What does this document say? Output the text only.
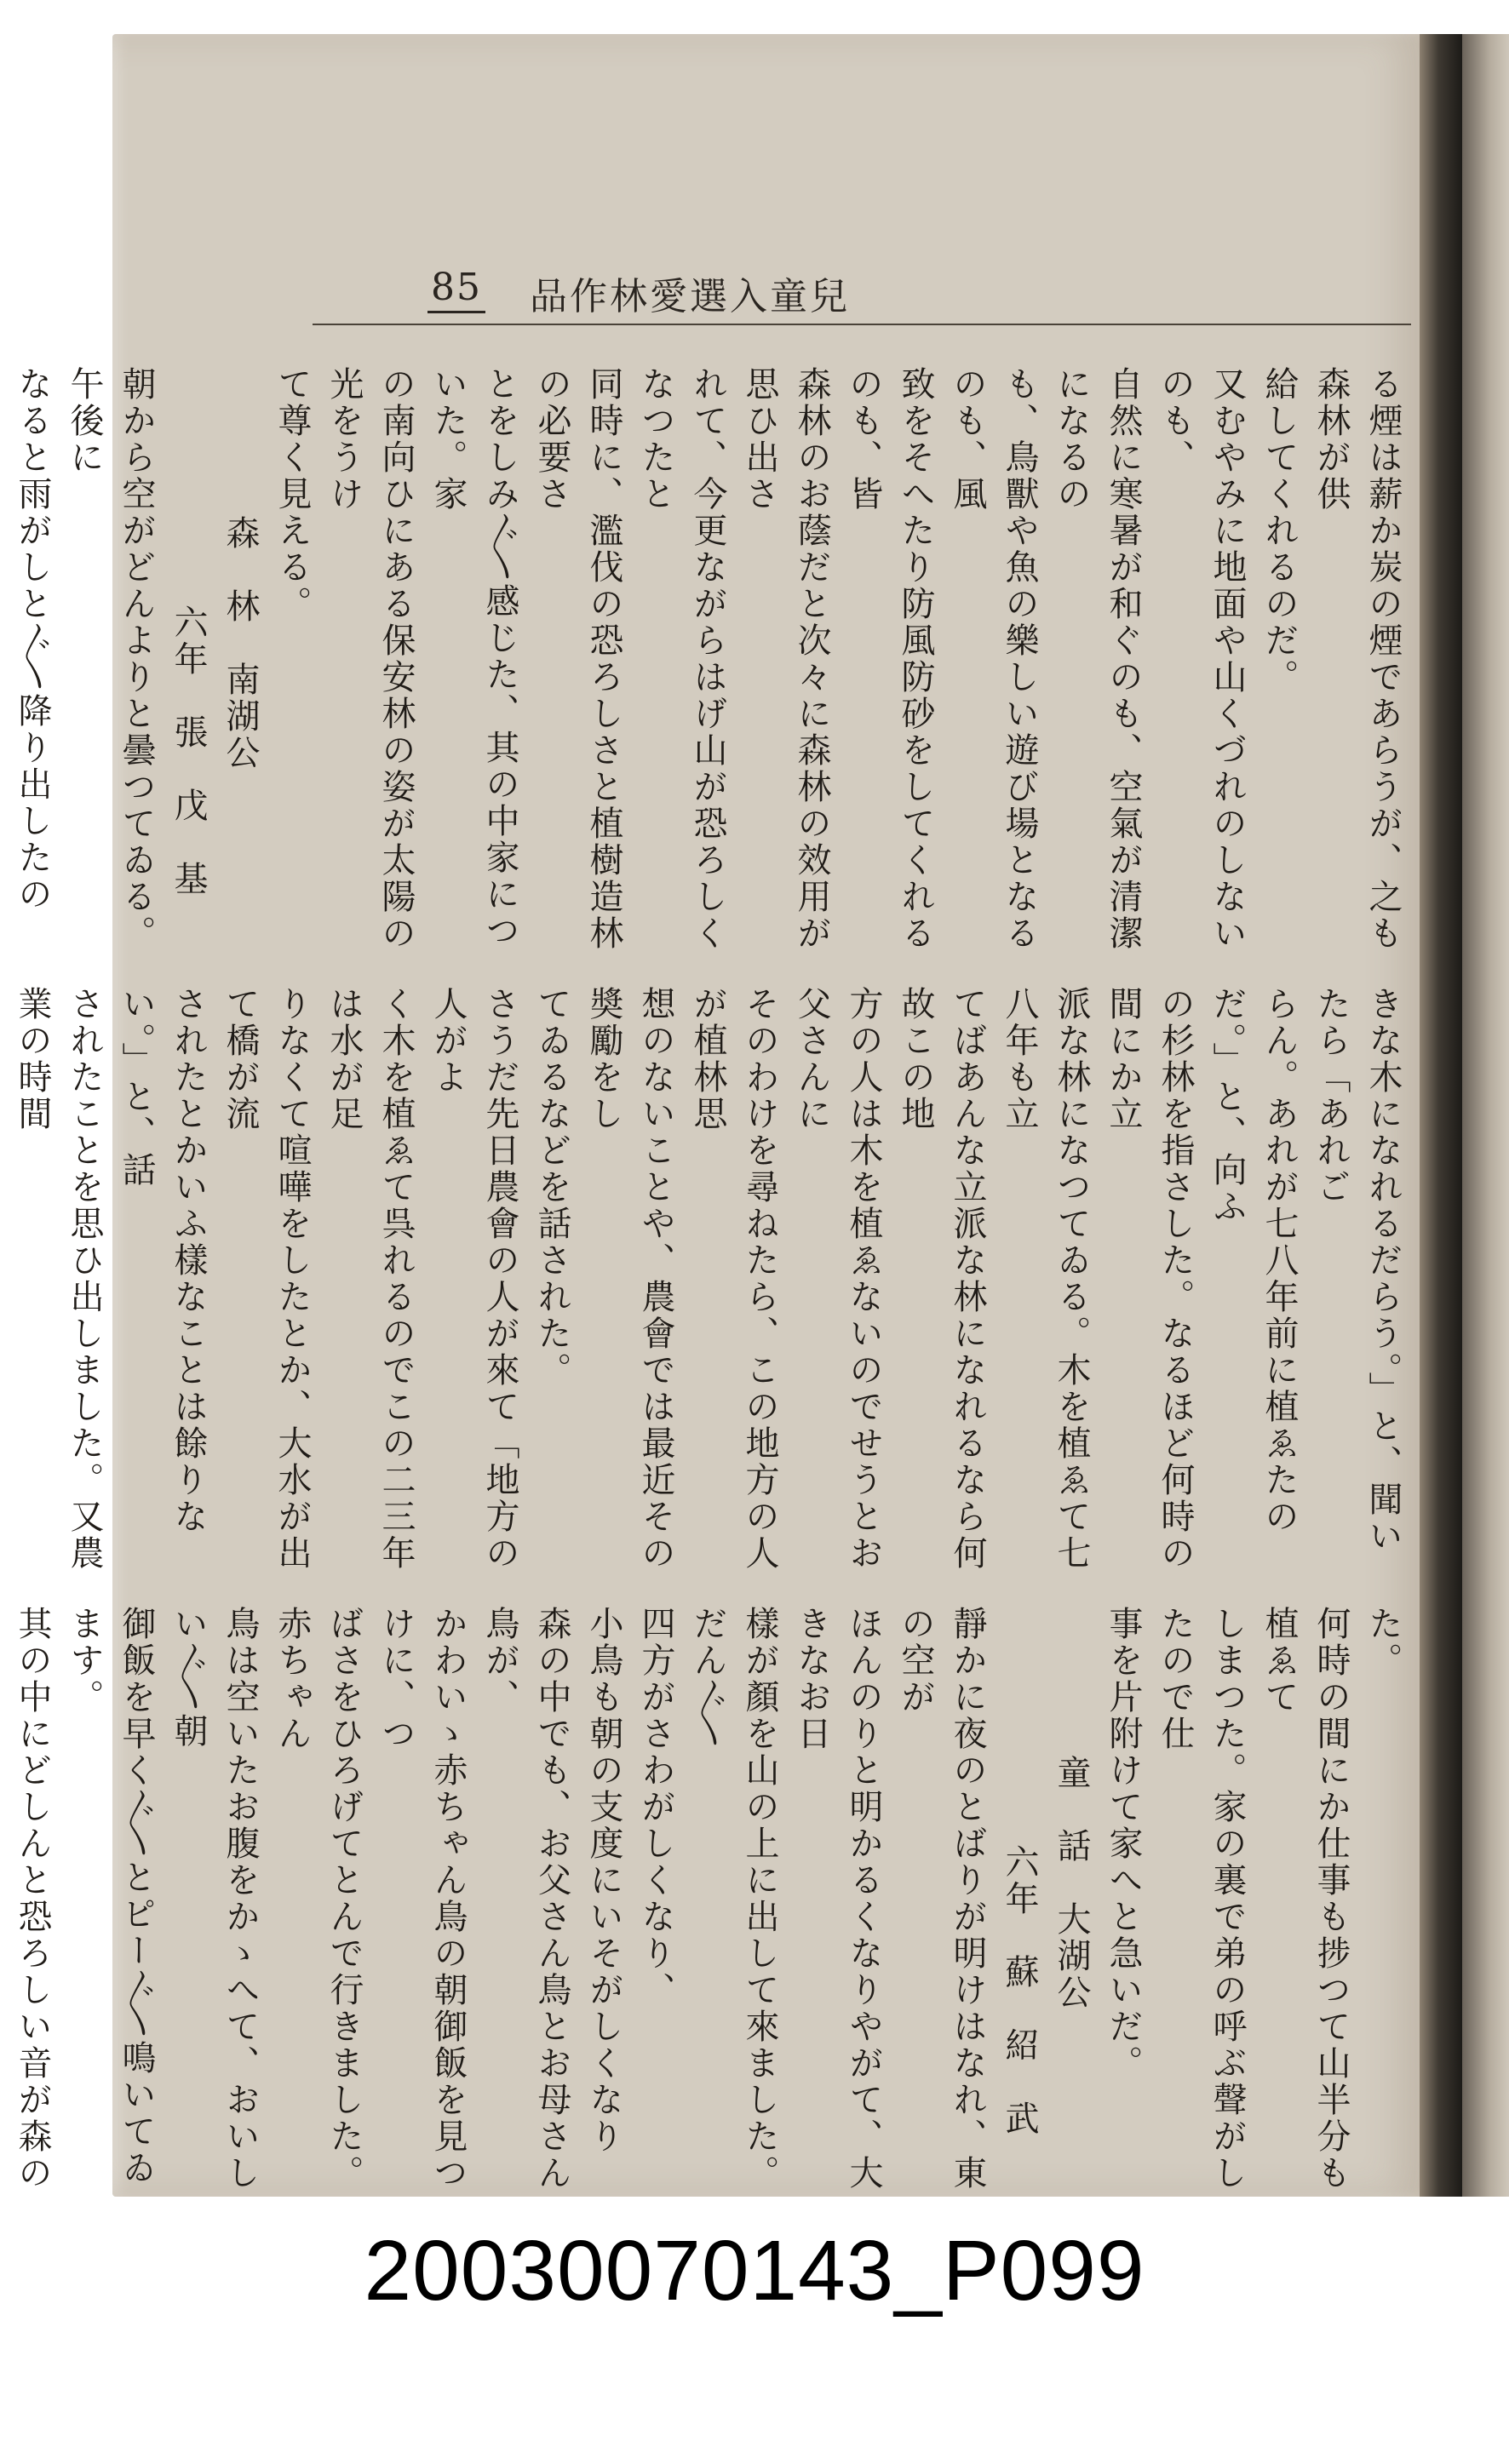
85 兒童入選愛林作品

る煙は薪か炭の煙であらうが、之も森林が供

給してくれるのだ。

又むやみに地面や山くづれのしないのも、

自然に寒暑が和ぐのも、空氣が清潔になるの

も、鳥獸や魚の樂しい遊び場となるのも、風

致をそへたり防風防砂をしてくれるのも、皆

森林のお蔭だと次々に森林の效用が思ひ出さ

れて、今更ながらはげ山が恐ろしくなつたと

同時に、濫伐の恐ろしさと植樹造林の必要さ

とをしみ〲感じた、其の中家についた。家

の南向ひにある保安林の姿が太陽の光をうけ

て尊く見える。

森　林　南湖公

六年　張　戊　基

朝から空がどんよりと曇つてゐる。午後に

なると雨がしと〲降り出したの

きな木になれるだらう。」と、聞いたら「あれご

らん。あれが七八年前に植ゑたのだ。」と、向ふ

の杉林を指さした。なるほど何時の間にか立

派な林になつてゐる。木を植ゑて七八年も立

てばあんな立派な林になれるなら何故この地

方の人は木を植ゑないのでせうとお父さんに

そのわけを尋ねたら、この地方の人が植林思

想のないことや、農會では最近その奬勵をし

てゐるなどを話された。

さうだ先日農會の人が來て「地方の人がよ

く木を植ゑて呉れるのでこの二三年は水が足

りなくて喧嘩をしたとか、大水が出て橋が流

されたとかいふ樣なことは餘りない。」と、話

されたことを思ひ出しました。又農業の時間

た。

何時の間にか仕事も捗つて山半分も植ゑて

しまつた。家の裏で弟の呼ぶ聲がしたので仕

事を片附けて家へと急いだ。

童　話　大湖公

六年　蘇　紹　武

靜かに夜のとばりが明けはなれ、東の空が

ほんのりと明かるくなりやがて、大きなお日

樣が顏を山の上に出して來ました。だん〲

四方がさわがしくなり、

小鳥も朝の支度にいそがしくなり

森の中でも、お父さん鳥とお母さん鳥が、

かわいゝ赤ちゃん鳥の朝御飯を見つけに、つ

ばさをひろげてとんで行きました。赤ちゃん

鳥は空いたお腹をかゝへて、おいしい〲朝

御飯を早く〲とピー〲鳴いてゐます。

其の中にどしんと恐ろしい音が森の

20030070143_P099
